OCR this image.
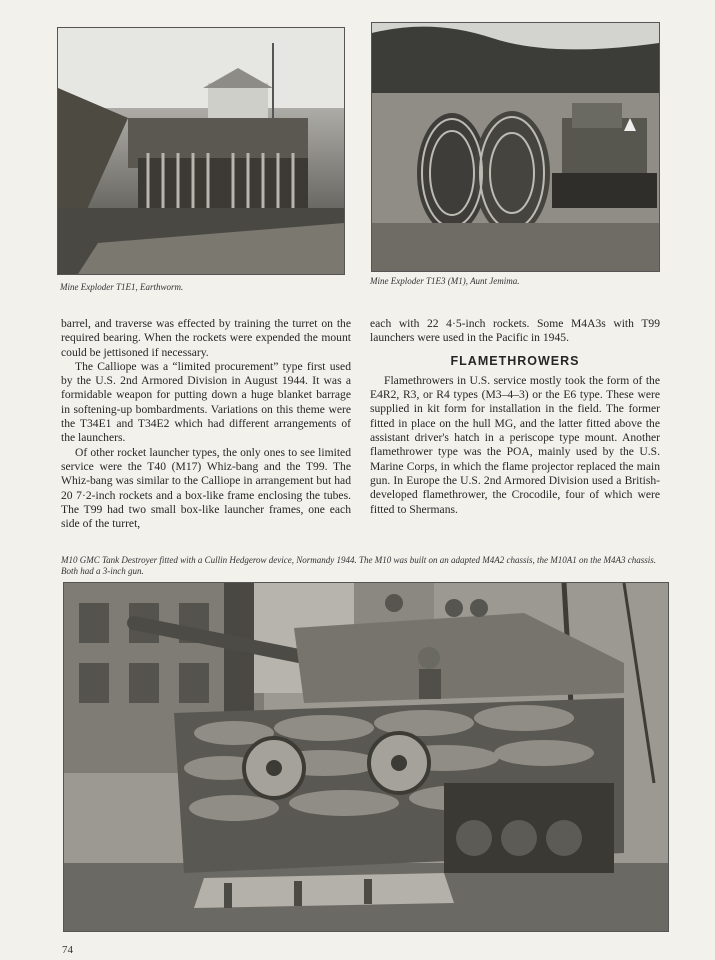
Mine Exploder T1E1, Earthworm.
Mine Exploder T1E3 (M1), Aunt Jemima.

barrel, and traverse was effected by training the turret on the required bearing. When the rockets were expended the mount could be jettisoned if necessary.

The Calliope was a “limited procurement” type first used by the U.S. 2nd Armored Division in August 1944. It was a formidable weapon for putting down a huge blanket barrage in softening-up bombardments. Variations on this theme were the T34E1 and T34E2 which had different arrangements of the launchers.

Of other rocket launcher types, the only ones to see limited service were the T40 (M17) Whiz-bang and the T99. The Whiz-bang was similar to the Calliope in arrangement but had 20 7·2-inch rockets and a box-like frame enclosing the tubes. The T99 had two small box-like launcher frames, one each side of the turret,

each with 22 4·5-inch rockets. Some M4A3s with T99 launchers were used in the Pacific in 1945.

FLAMETHROWERS

Flamethrowers in U.S. service mostly took the form of the E4R2, R3, or R4 types (M3–4–3) or the E6 type. These were supplied in kit form for installation in the field. The former fitted in place on the hull MG, and the latter fitted above the assistant driver's hatch in a periscope type mount. Another flamethrower type was the POA, mainly used by the U.S. Marine Corps, in which the flame projector replaced the main gun. In Europe the U.S. 2nd Armored Division used a British-developed flamethrower, the Crocodile, four of which were fitted to Shermans.

M10 GMC Tank Destroyer fitted with a Cullin Hedgerow device, Normandy 1944. The M10 was built on an adapted M4A2 chassis, the M10A1 on the M4A3 chassis. Both had a 3-inch gun.
74
